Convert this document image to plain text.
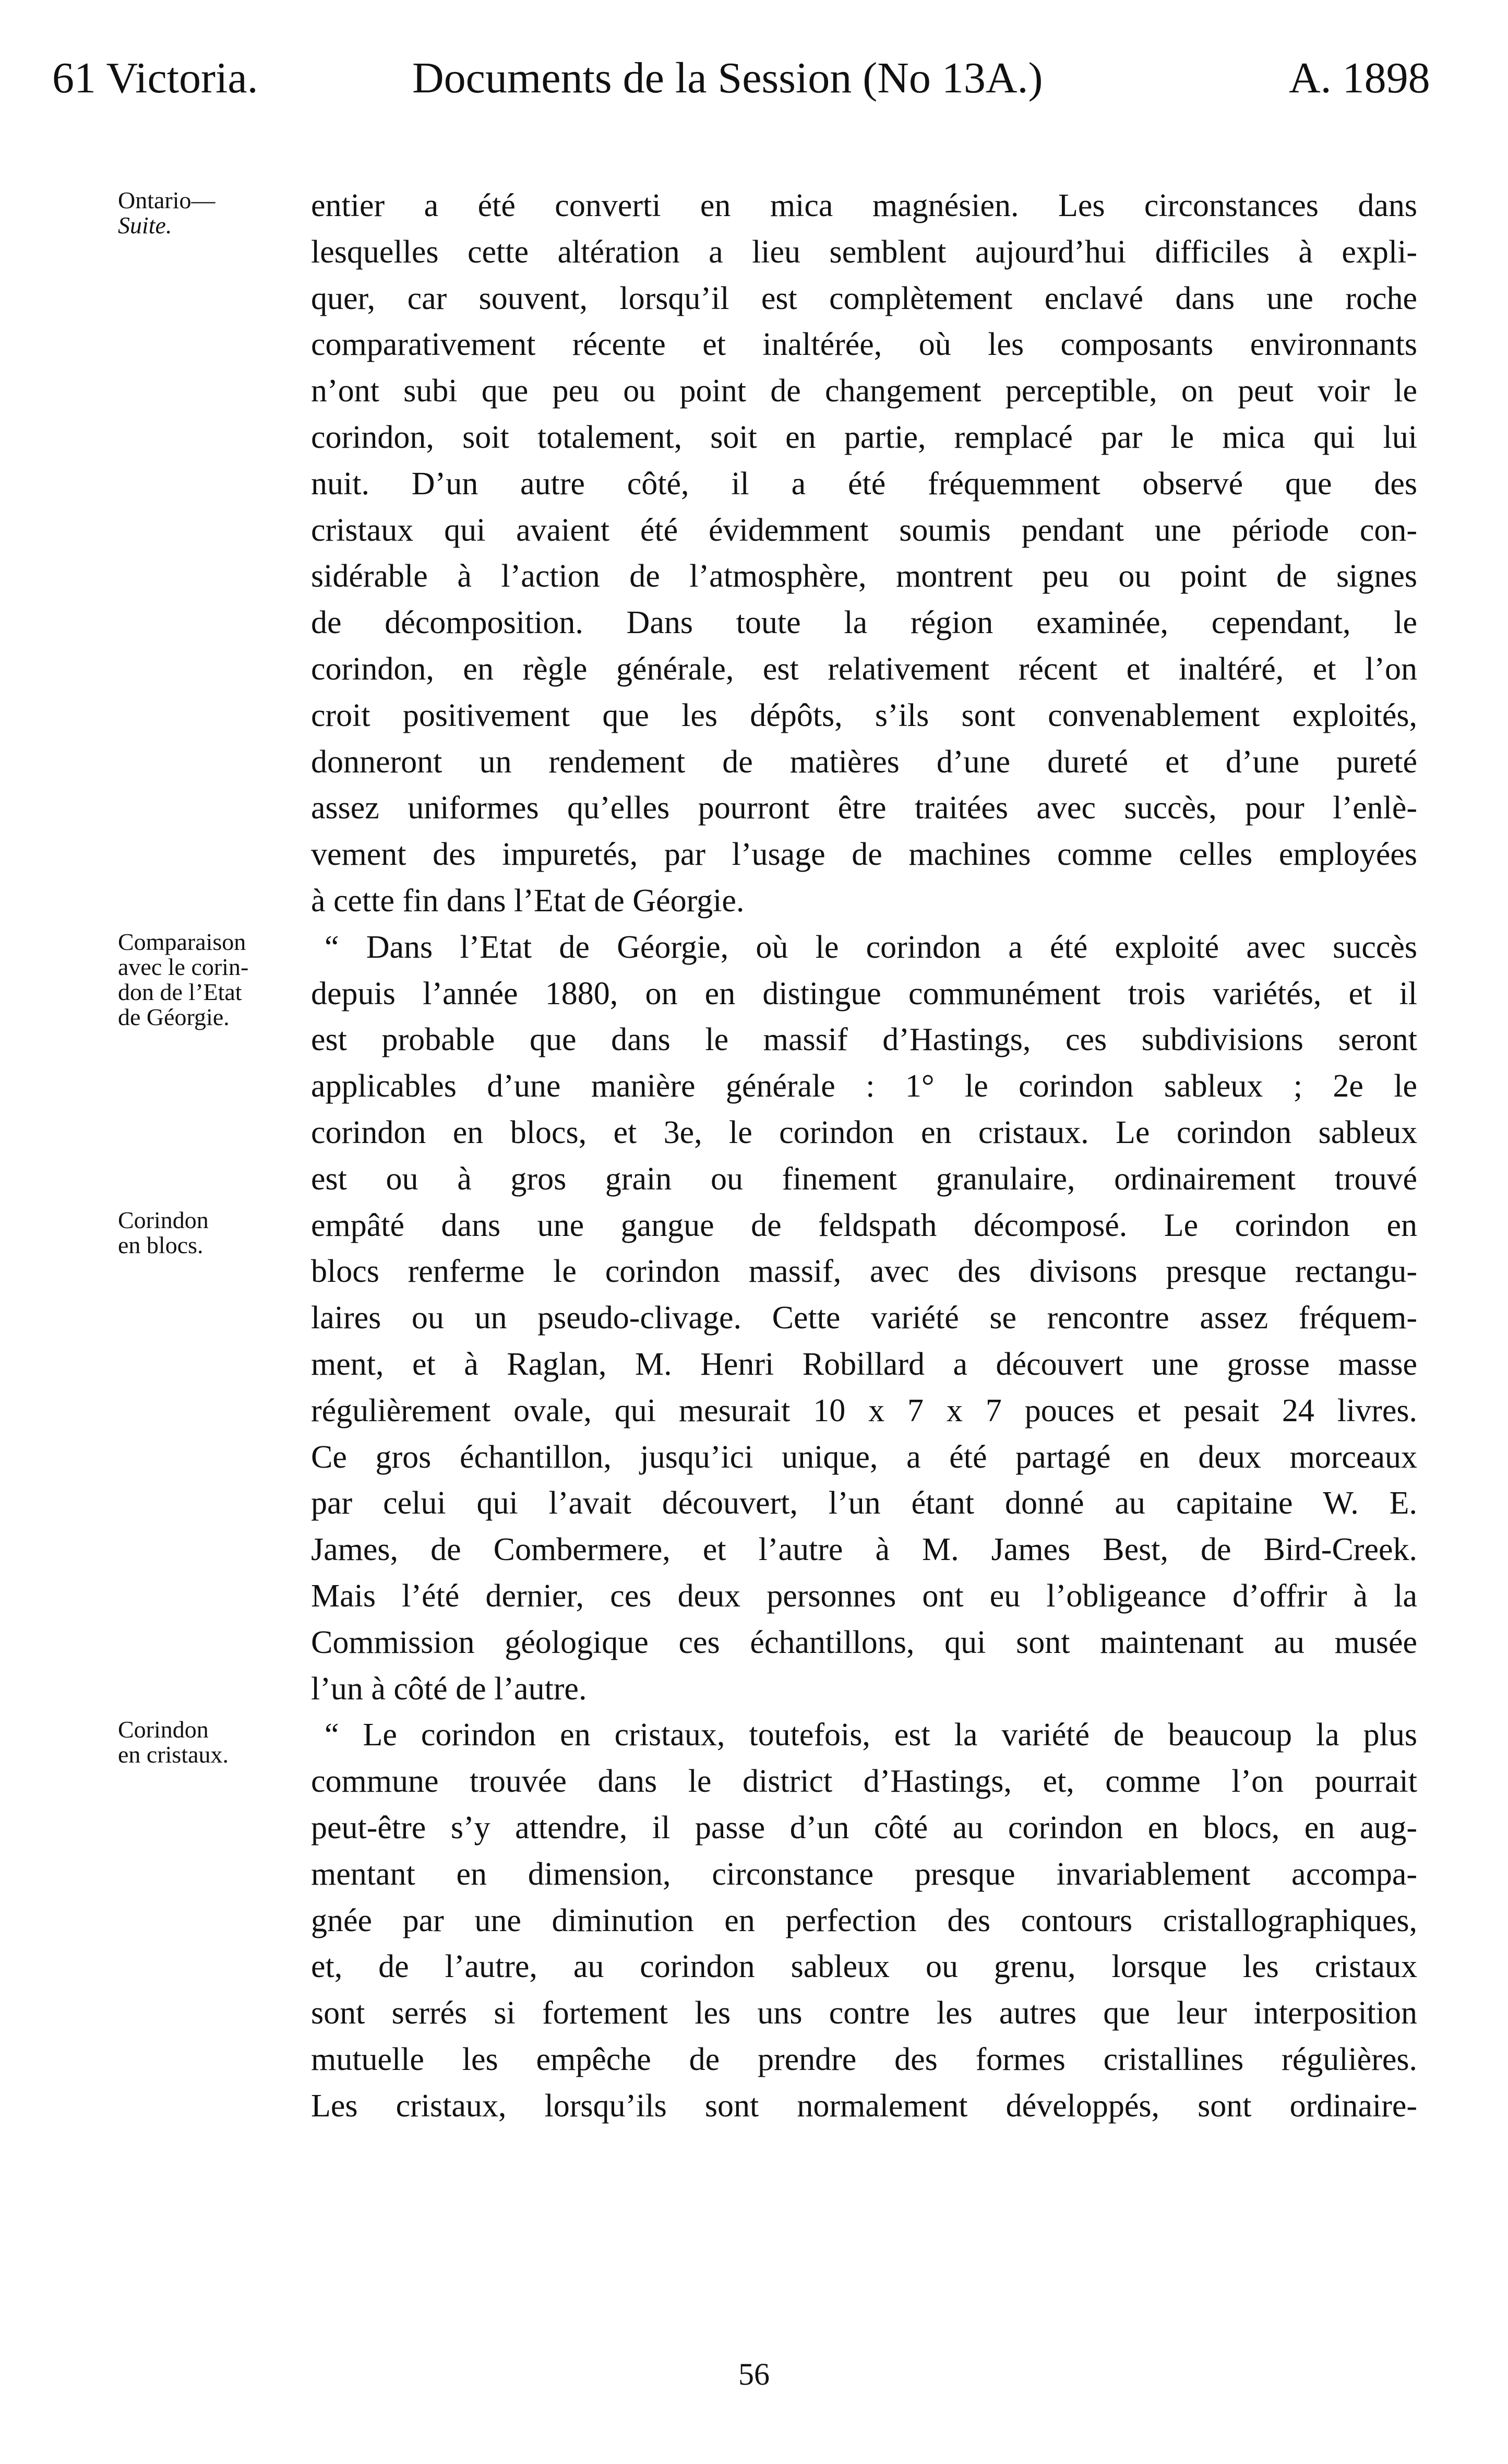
61 Victoria.	Documents de la Session (No 13A.)	A. 1898
entier a été converti en mica magnésien. Les circonstances dans
lesquelles cette altération a lieu semblent aujourd’hui difficiles à expli-
quer, car souvent, lorsqu’il est complètement enclavé dans une roche
comparativement récente et inaltérée, où les composants environnants
n’ont subi que peu ou point de changement perceptible, on peut voir le
corindon, soit totalement, soit en partie, remplacé par le mica qui lui
nuit. D’un autre côté, il a été fréquemment observé que des
cristaux qui avaient été évidemment soumis pendant une période con-
sidérable à l’action de l’atmosphère, montrent peu ou point de signes
de décomposition. Dans toute la région examinée, cependant, le
corindon, en règle générale, est relativement récent et inaltéré, et l’on
croit positivement que les dépôts, s’ils sont convenablement exploités,
donneront un rendement de matières d’une dureté et d’une pureté
assez uniformes qu’elles pourront être traitées avec succès, pour l’enlè-
vement des impuretés, par l’usage de machines comme celles employées
à cette fin dans l’Etat de Géorgie.
“ Dans l’Etat de Géorgie, où le corindon a été exploité avec succès
depuis l’année 1880, on en distingue communément trois variétés, et il
est probable que dans le massif d’Hastings, ces subdivisions seront
applicables d’une manière générale : 1° le corindon sableux ; 2e le
corindon en blocs, et 3e, le corindon en cristaux. Le corindon sableux
est ou à gros grain ou finement granulaire, ordinairement trouvé
empâté dans une gangue de feldspath décomposé. Le corindon en
blocs renferme le corindon massif, avec des divisons presque rectangu-
laires ou un pseudo-clivage. Cette variété se rencontre assez fréquem-
ment, et à Raglan, M. Henri Robillard a découvert une grosse masse
régulièrement ovale, qui mesurait 10 x 7 x 7 pouces et pesait 24 livres.
Ce gros échantillon, jusqu’ici unique, a été partagé en deux morceaux
par celui qui l’avait découvert, l’un étant donné au capitaine W. E.
James, de Combermere, et l’autre à M. James Best, de Bird-Creek.
Mais l’été dernier, ces deux personnes ont eu l’obligeance d’offrir à la
Commission géologique ces échantillons, qui sont maintenant au musée
l’un à côté de l’autre.
“ Le corindon en cristaux, toutefois, est la variété de beaucoup la plus
commune trouvée dans le district d’Hastings, et, comme l’on pourrait
peut-être s’y attendre, il passe d’un côté au corindon en blocs, en aug-
mentant en dimension, circonstance presque invariablement accompa-
gnée par une diminution en perfection des contours cristallographiques,
et, de l’autre, au corindon sableux ou grenu, lorsque les cristaux
sont serrés si fortement les uns contre les autres que leur interposition
mutuelle les empêche de prendre des formes cristallines régulières.
Les cristaux, lorsqu’ils sont normalement développés, sont ordinaire-
Ontario—
Suite.
Comparaison
avec le corin-
don de l’Etat
de Géorgie.
Corindon
en blocs.
Corindon
en cristaux.
56
